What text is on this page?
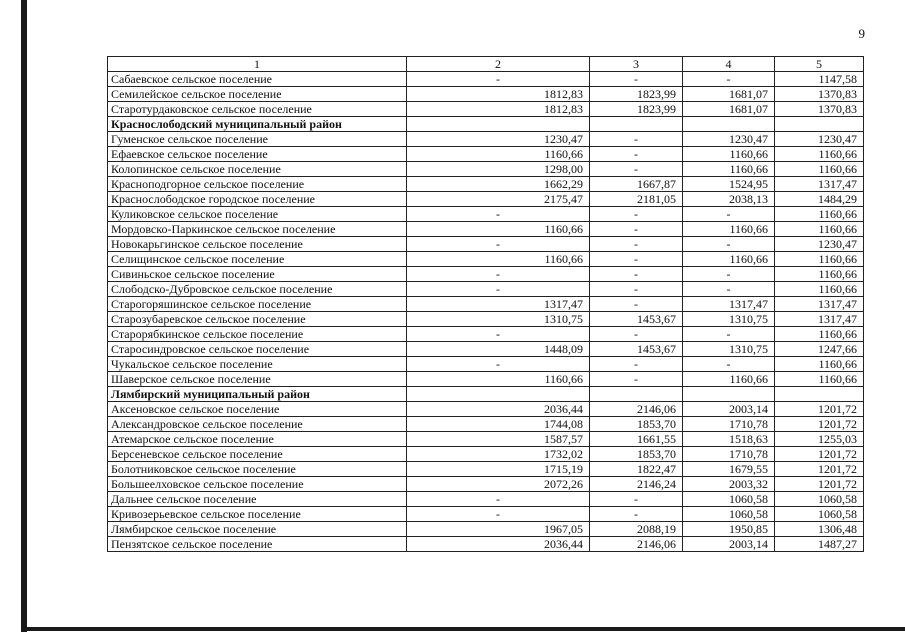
9
1	2	3	4	5
Сабаевское сельское поселение	-	-	-	1147,58
Семилейское сельское поселение	1812,83	1823,99	1681,07	1370,83
Старотурдаковское сельское поселение	1812,83	1823,99	1681,07	1370,83
Краснослободский муниципальный район				
Гуменское сельское поселение	1230,47	-	1230,47	1230,47
Ефаевское сельское поселение	1160,66	-	1160,66	1160,66
Колопинское сельское поселение	1298,00	-	1160,66	1160,66
Красноподгорное сельское поселение	1662,29	1667,87	1524,95	1317,47
Краснослободское городское поселение	2175,47	2181,05	2038,13	1484,29
Куликовское сельское поселение	-	-	-	1160,66
Мордовско-Паркинское сельское поселение	1160,66	-	1160,66	1160,66
Новокарьгинское сельское поселение	-	-	-	1230,47
Селищинское сельское поселение	1160,66	-	1160,66	1160,66
Сивиньское сельское поселение	-	-	-	1160,66
Слободско-Дубровское сельское поселение	-	-	-	1160,66
Старогоряшинское сельское поселение	1317,47	-	1317,47	1317,47
Старозубаревское сельское поселение	1310,75	1453,67	1310,75	1317,47
Старорябкинское сельское поселение	-	-	-	1160,66
Старосиндровское сельское поселение	1448,09	1453,67	1310,75	1247,66
Чукальское сельское поселение	-	-	-	1160,66
Шаверское сельское поселение	1160,66	-	1160,66	1160,66
Лямбирский муниципальный район				
Аксеновское сельское поселение	2036,44	2146,06	2003,14	1201,72
Александровское сельское поселение	1744,08	1853,70	1710,78	1201,72
Атемарское сельское поселение	1587,57	1661,55	1518,63	1255,03
Берсеневское сельское поселение	1732,02	1853,70	1710,78	1201,72
Болотниковское сельское поселение	1715,19	1822,47	1679,55	1201,72
Большеелховское сельское поселение	2072,26	2146,24	2003,32	1201,72
Дальнее сельское поселение	-	-	1060,58	1060,58
Кривозерьевское сельское поселение	-	-	1060,58	1060,58
Лямбирское сельское поселение	1967,05	2088,19	1950,85	1306,48
Пензятское сельское поселение	2036,44	2146,06	2003,14	1487,27
